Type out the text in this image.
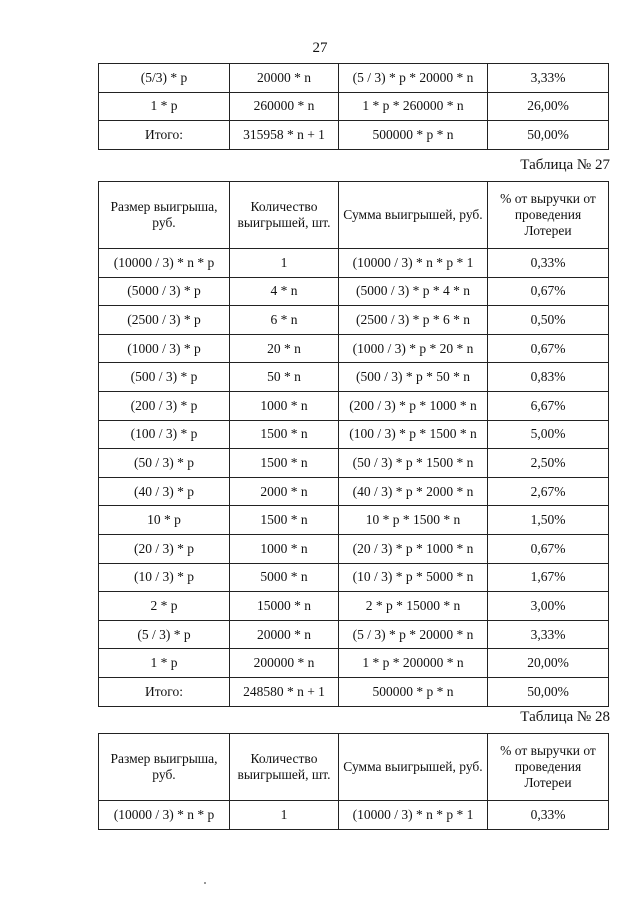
27
(5/3) * p	20000 * n	(5 / 3) * p * 20000 * n	3,33%
1 * p	260000 * n	1 * p * 260000 * n	26,00%
Итого:	315958 * n + 1	500000 * p * n	50,00%
Таблица № 27
Размер выигрыша, руб.	Количество выигрышей, шт.	Сумма выигрышей, руб.	% от выручки от проведения Лотереи
(10000 / 3) * n * p	1	(10000 / 3) * n * p * 1	0,33%
(5000 / 3) * p	4 * n	(5000 / 3) * p * 4 * n	0,67%
(2500 / 3) * p	6 * n	(2500 / 3) * p * 6 * n	0,50%
(1000 / 3) * p	20 * n	(1000 / 3) * p * 20 * n	0,67%
(500 / 3) * p	50 * n	(500 / 3) * p * 50 * n	0,83%
(200 / 3) * p	1000 * n	(200 / 3) * p * 1000 * n	6,67%
(100 / 3) * p	1500 * n	(100 / 3) * p * 1500 * n	5,00%
(50 / 3) * p	1500 * n	(50 / 3) * p * 1500 * n	2,50%
(40 / 3) * p	2000 * n	(40 / 3) * p * 2000 * n	2,67%
10 * p	1500 * n	10 * p * 1500 * n	1,50%
(20 / 3) * p	1000 * n	(20 / 3) * p * 1000 * n	0,67%
(10 / 3) * p	5000 * n	(10 / 3) * p * 5000 * n	1,67%
2 * p	15000 * n	2 * p * 15000 * n	3,00%
(5 / 3) * p	20000 * n	(5 / 3) * p * 20000 * n	3,33%
1 * p	200000 * n	1 * p * 200000 * n	20,00%
Итого:	248580 * n + 1	500000 * p * n	50,00%
Таблица № 28
Размер выигрыша, руб.	Количество выигрышей, шт.	Сумма выигрышей, руб.	% от выручки от проведения Лотереи
(10000 / 3) * n * p	1	(10000 / 3) * n * p * 1	0,33%
